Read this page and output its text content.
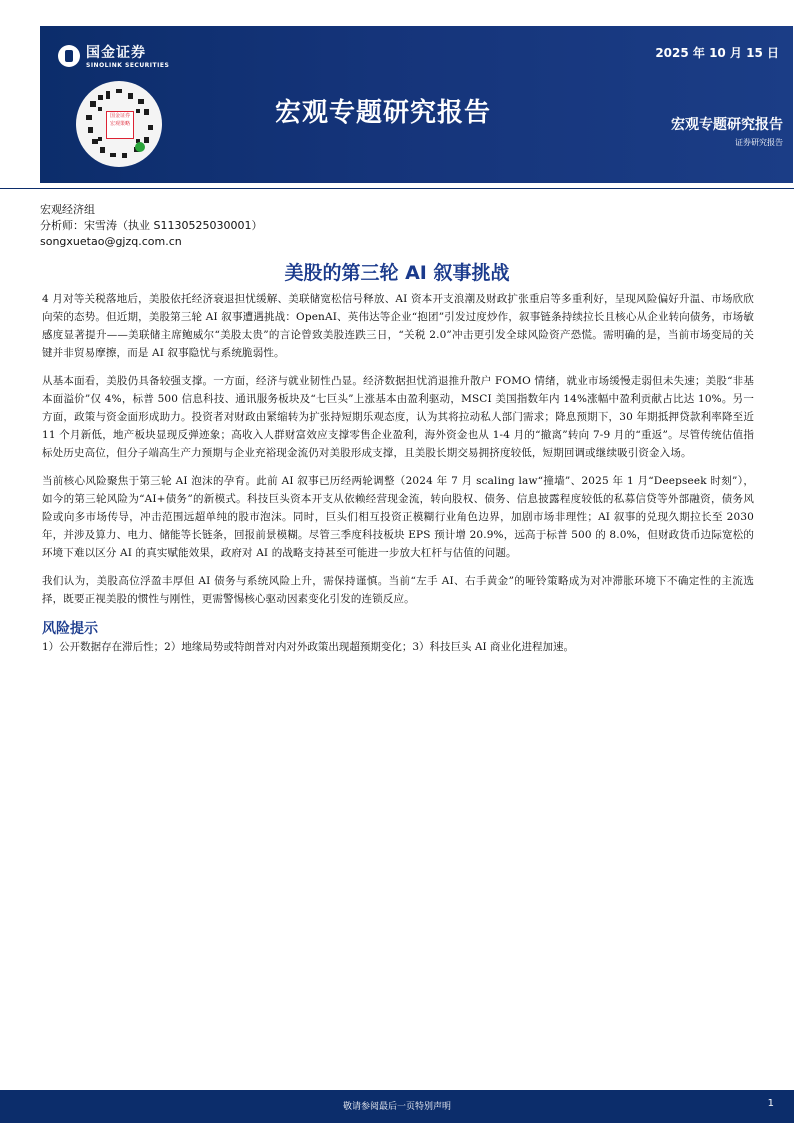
国金证券
SINOLINK SECURITIES
国金证券
宏观策略
2025 年 10 月 15 日
宏观专题研究报告	宏观专题研究报告
证券研究报告
宏观经济组
分析师：宋雪涛（执业 S1130525030001）
songxuetao@gjzq.com.cn
美股的第三轮 AI 叙事挑战

4 月对等关税落地后，美股依托经济衰退担忧缓解、美联储宽松信号释放、AI 资本开支浪潮及财政扩张重启等多重利好，呈现风险偏好升温、市场欣欣向荣的态势。但近期，美股第三轮 AI 叙事遭遇挑战：OpenAI、英伟达等企业“抱团”引发过度炒作，叙事链条持续拉长且核心从企业转向债务，市场敏感度显著提升——美联储主席鲍威尔“美股太贵”的言论曾致美股连跌三日，“关税 2.0”冲击更引发全球风险资产恐慌。需明确的是，当前市场变局的关键并非贸易摩擦，而是 AI 叙事隐忧与系统脆弱性。

从基本面看，美股仍具备较强支撑。一方面，经济与就业韧性凸显。经济数据担忧消退推升散户 FOMO 情绪，就业市场缓慢走弱但未失速；美股“非基本面溢价”仅 4%，标普 500 信息科技、通讯服务板块及“七巨头”上涨基本由盈利驱动，MSCI 美国指数年内 14%涨幅中盈利贡献占比达 10%。另一方面，政策与资金面形成助力。投资者对财政由紧缩转为扩张持短期乐观态度，认为其将拉动私人部门需求；降息预期下，30 年期抵押贷款利率降至近 11 个月新低，地产板块显现反弹迹象；高收入人群财富效应支撑零售企业盈利，海外资金也从 1-4 月的“撤离”转向 7-9 月的“重返”。尽管传统估值指标处历史高位，但分子端高生产力预期与企业充裕现金流仍对美股形成支撑，且美股长期交易拥挤度较低，短期回调或继续吸引资金入场。

当前核心风险聚焦于第三轮 AI 泡沫的孕育。此前 AI 叙事已历经两轮调整（2024 年 7 月 scaling law“撞墙”、2025 年 1 月“Deepseek 时刻”），如今的第三轮风险为“AI+债务”的新模式。科技巨头资本开支从依赖经营现金流，转向股权、债务、信息披露程度较低的私募信贷等外部融资，债务风险或向多市场传导，冲击范围远超单纯的股市泡沫。同时，巨头们相互投资正模糊行业角色边界，加剧市场非理性；AI 叙事的兑现久期拉长至 2030 年，并涉及算力、电力、储能等长链条，回报前景模糊。尽管三季度科技板块 EPS 预计增 20.9%，远高于标普 500 的 8.0%，但财政货币边际宽松的环境下难以区分 AI 的真实赋能效果，政府对 AI 的战略支持甚至可能进一步放大杠杆与估值的问题。

我们认为，美股高位浮盈丰厚但 AI 债务与系统风险上升，需保持谨慎。当前“左手 AI、右手黄金”的哑铃策略成为对冲滞胀环境下不确定性的主流选择，既要正视美股的惯性与刚性，更需警惕核心驱动因素变化引发的连锁反应。

风险提示

1）公开数据存在滞后性；2）地缘局势或特朗普对内对外政策出现超预期变化；3）科技巨头 AI 商业化进程加速。

敬请参阅最后一页特别声明	1
